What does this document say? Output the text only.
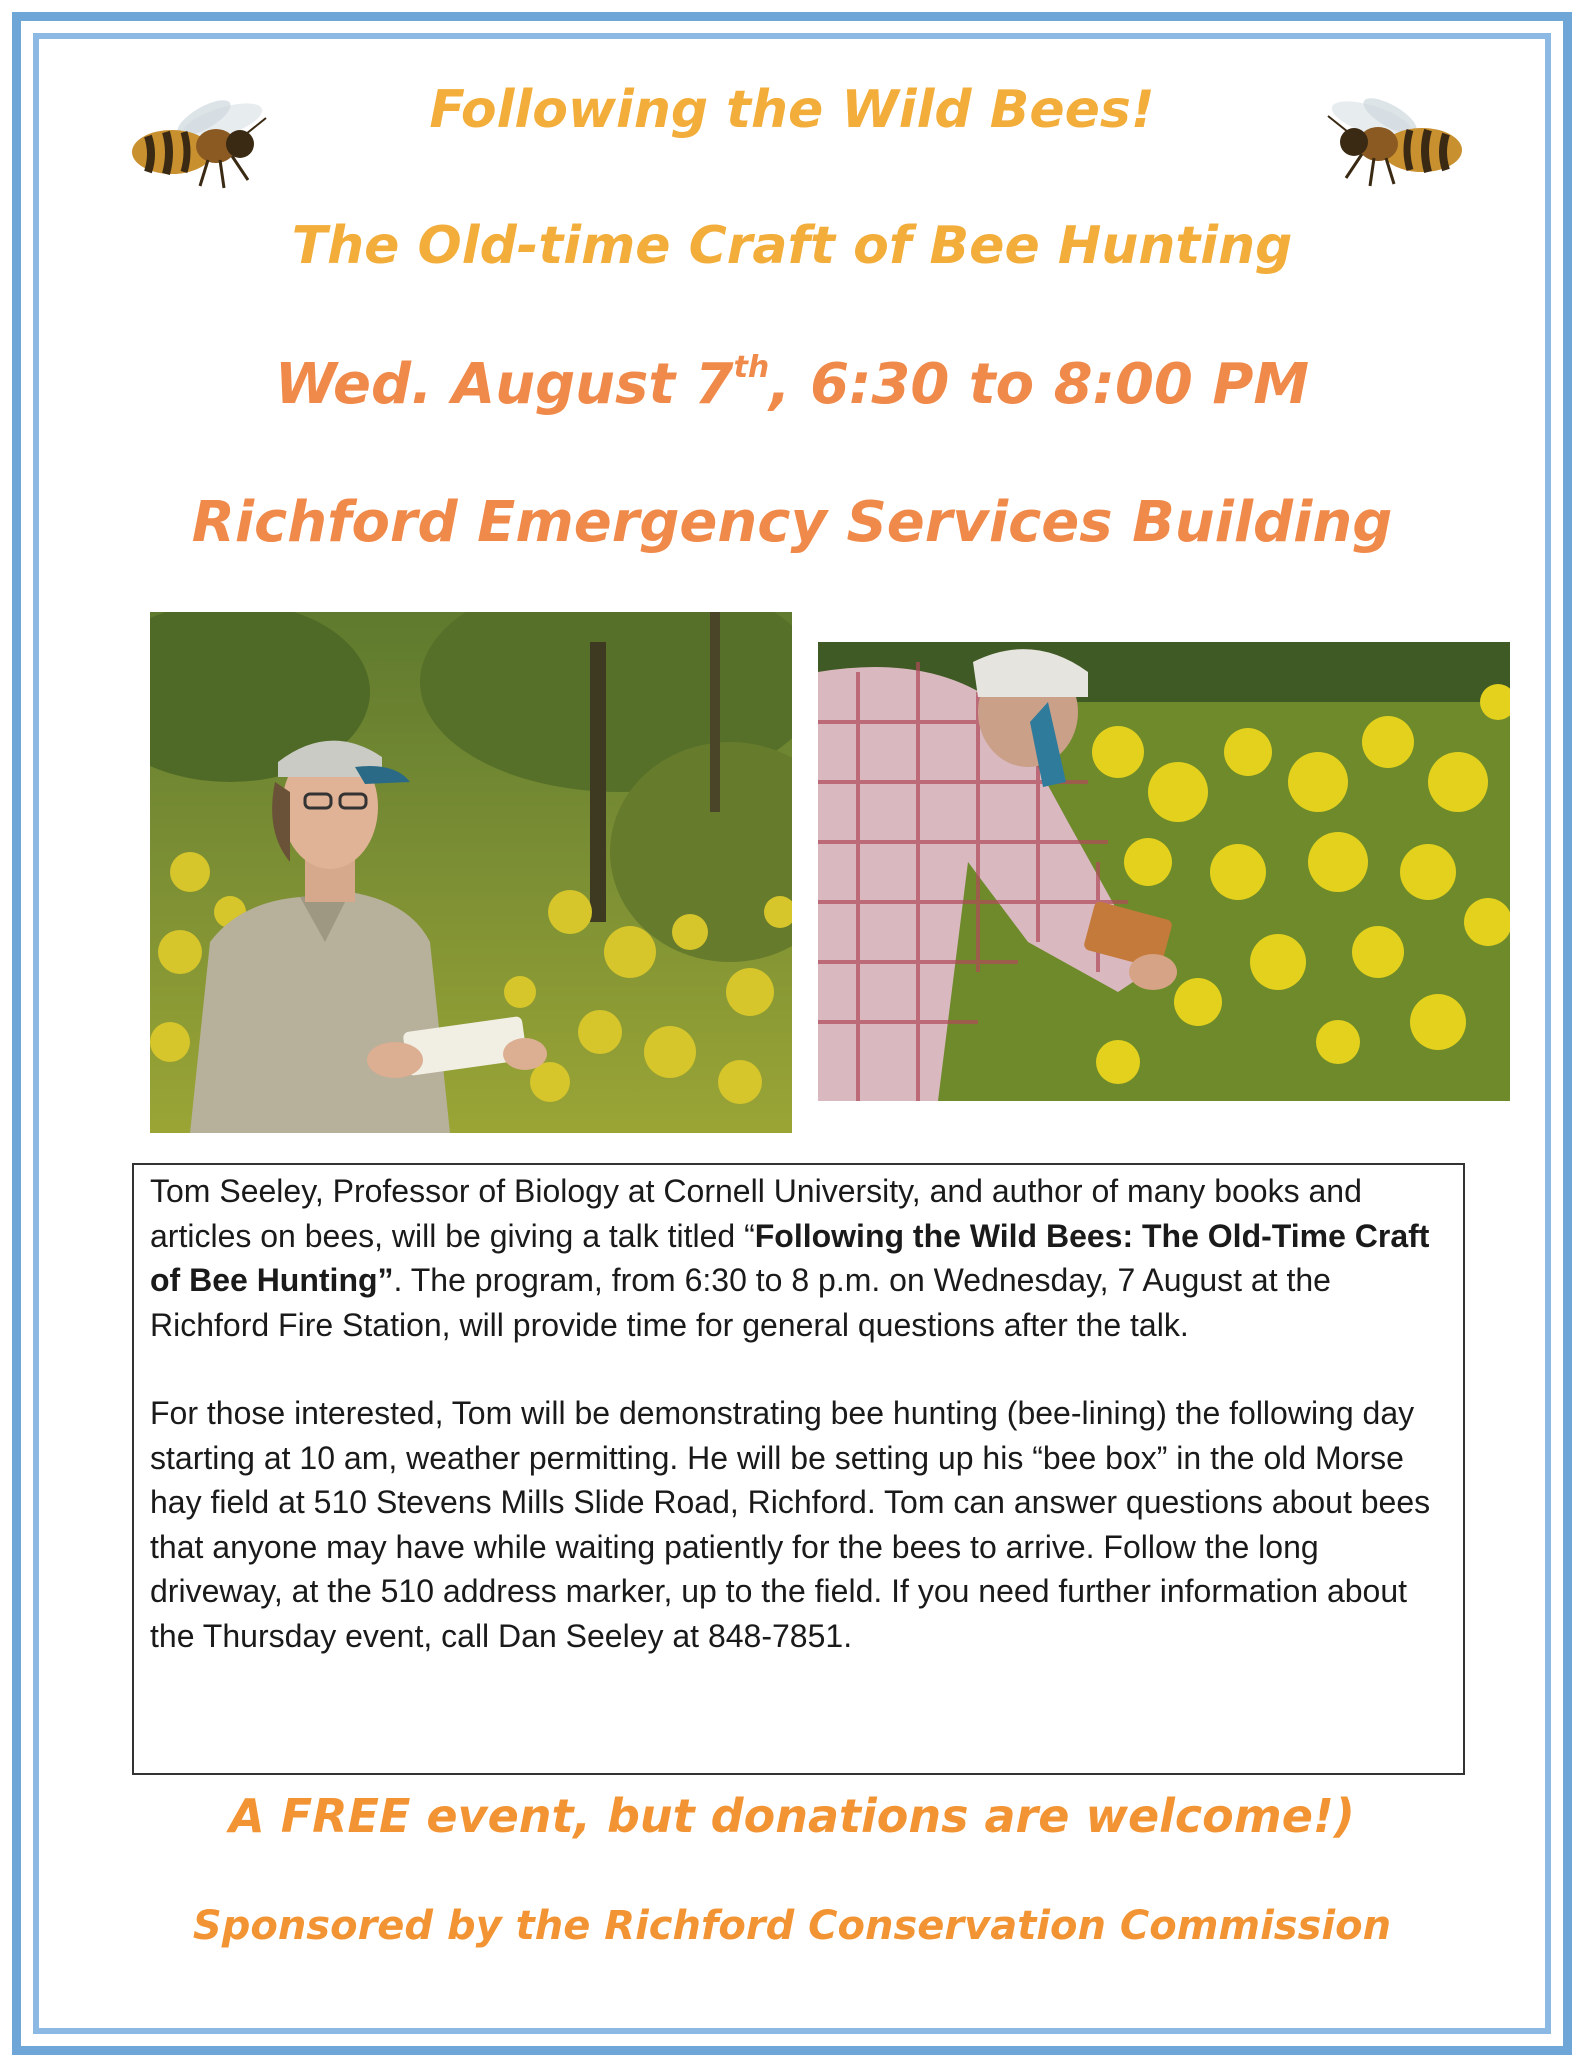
Following the Wild Bees!
The Old-time Craft of Bee Hunting
Wed. August 7th, 6:30 to 8:00 PM
Richford Emergency Services Building

Tom Seeley, Professor of Biology at Cornell University, and author of many books and articles on bees, will be giving a talk titled “Following the Wild Bees: The Old-Time Craft of Bee Hunting”. The program, from 6:30 to 8 p.m. on Wednesday, 7 August at the Richford Fire Station, will provide time for general questions after the talk.

For those interested, Tom will be demonstrating bee hunting (bee-lining) the following day starting at 10 am, weather permitting. He will be setting up his “bee box” in the old Morse hay field at 510 Stevens Mills Slide Road, Richford. Tom can answer questions about bees that anyone may have while waiting patiently for the bees to arrive. Follow the long driveway, at the 510 address marker, up to the field. If you need further information about the Thursday event, call Dan Seeley at 848-7851.

A FREE event, but donations are welcome!)
Sponsored by the Richford Conservation Commission
